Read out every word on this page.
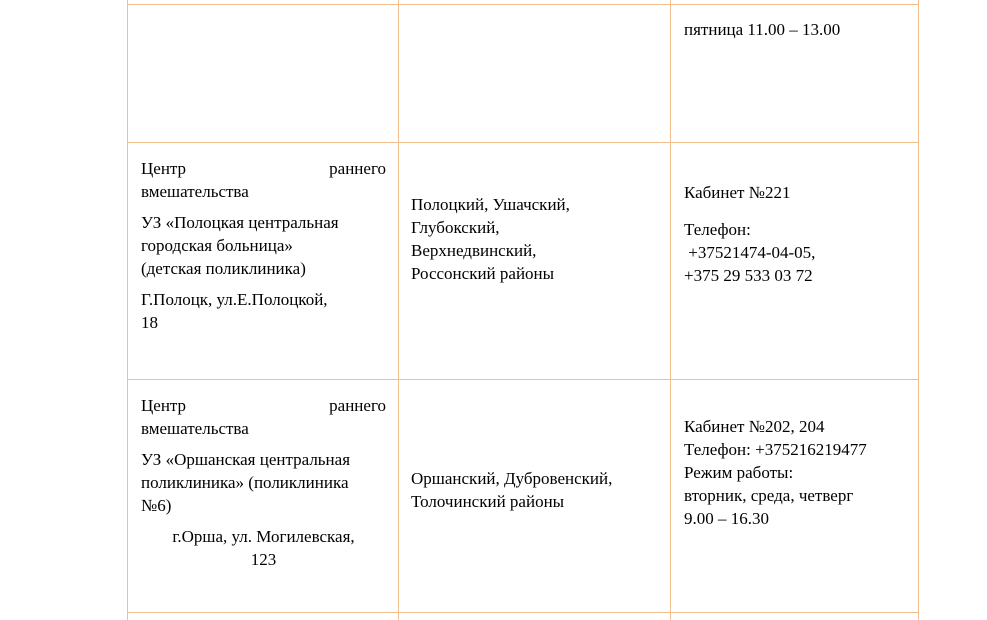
пятница 11.00 – 13.00
Центр	раннего
вмешательства
УЗ «Полоцкая центральная
городская больница»
(детская поликлиника)
Г.Полоцк, ул.Е.Полоцкой,
18
Полоцкий, Ушачский,
Глубокский,
Верхнедвинский,
Россонский районы
Кабинет №221
Телефон:
+37521474-04-05,
+375 29 533 03 72
Центр	раннего
вмешательства
УЗ «Оршанская центральная
поликлиника» (поликлиника
№6)
г.Орша, ул. Могилевская,
123
Оршанский, Дубровенский,
Толочинский районы
Кабинет №202, 204
Телефон: +375216219477
Режим работы:
вторник, среда, четверг
9.00 – 16.30
